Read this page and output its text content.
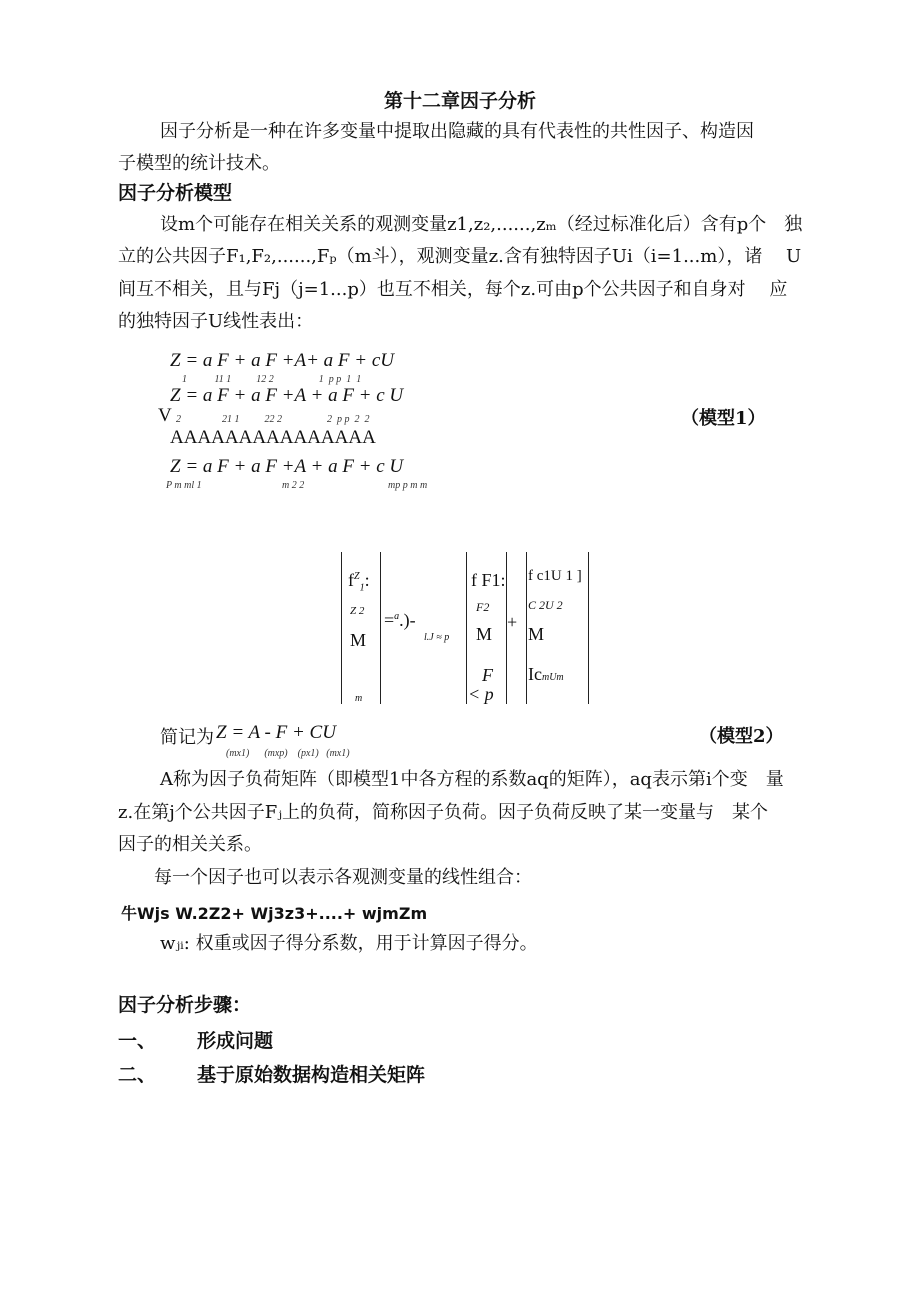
第十二章因子分析
因子分析是一种在许多变量中提取出隐藏的具有代表性的共性因子、构造因
子模型的统计技术。
因子分析模型
设m个可能存在相关关系的观测变量z1,z₂,......,zₘ（经过标准化后）含有p个　独
立的公共因子F₁,F₂,......,Fₚ（m斗），观测变量z.含有独特因子Ui（i=1...m），诸　 U
间互不相关，且与Fj（j=1...p）也互不相关，每个z.可由p个公共因子和自身对　 应
的独特因子U线性表出：
Z = a F + a F +A+ a F + cU
1           11 1          12 2                  1  p p  1  1
V 2
Z = a F + a F +A + a F + c U
21 1          22 2                  2  p p  2  2
AAAAAAAAAAAAAAA
Z = a F + a F +A + a F + c U
P m ml 1	m 2 2	mp p m m
（模型1）
$f^Z_1$:
Z 2
M
m
=$^a$.)-
l.J ≈ p
f F1:
F2
M
F
< p
+
f c1U 1 ]
C 2U 2
M
IcmUm
简记为 Z = A - F + CU
(mx1)      (mxp)    (px1)   (mx1)
（模型2）
A称为因子负荷矩阵（即模型1中各方程的系数aq的矩阵），aq表示第i个变　量
z.在第j个公共因子Fⱼ上的负荷，简称因子负荷。因子负荷反映了某一变量与　某个
因子的相关关系。
每一个因子也可以表示各观测变量的线性组合：
牛Wjs W.2Z2+ Wj3z3+....+ wjmZm
wⱼᵢ: 权重或因子得分系数，用于计算因子得分。
因子分析步骤：
一、 形成问题
二、 基于原始数据构造相关矩阵
